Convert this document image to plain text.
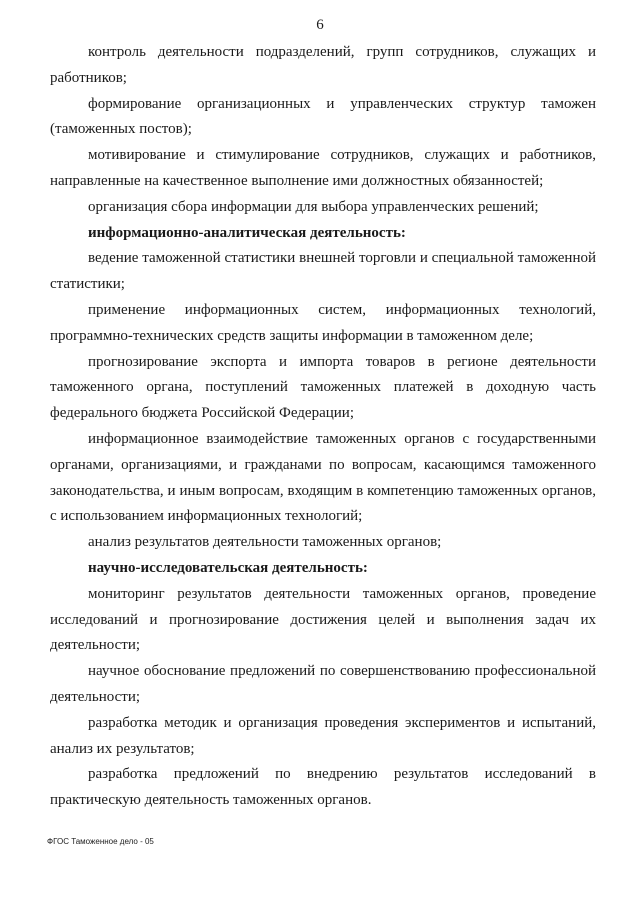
6

контроль деятельности подразделений, групп сотрудников, служащих и работников;

формирование организационных и управленческих структур таможен (таможенных постов);

мотивирование и стимулирование сотрудников, служащих и работников, направленные на качественное выполнение ими должностных обязанностей;

организация сбора информации для выбора управленческих решений;

информационно-аналитическая деятельность:

ведение таможенной статистики внешней торговли и специальной таможенной статистики;

применение информационных систем, информационных технологий, программно-технических средств защиты информации в таможенном деле;

прогнозирование экспорта и импорта товаров в регионе деятельности таможенного органа, поступлений таможенных платежей в доходную часть федерального бюджета Российской Федерации;

информационное взаимодействие таможенных органов с государственными органами, организациями, и гражданами по вопросам, касающимся таможенного законодательства, и иным вопросам, входящим в компетенцию таможенных органов, с использованием информационных технологий;

анализ результатов деятельности таможенных органов;

научно-исследовательская деятельность:

мониторинг результатов деятельности таможенных органов, проведение исследований и прогнозирование достижения целей и выполнения задач их деятельности;

научное обоснование предложений по совершенствованию профессиональной деятельности;

разработка методик и организация проведения экспериментов и испытаний, анализ их результатов;

разработка предложений по внедрению результатов исследований в практическую деятельность таможенных органов.

ФГОС Таможенное дело - 05
